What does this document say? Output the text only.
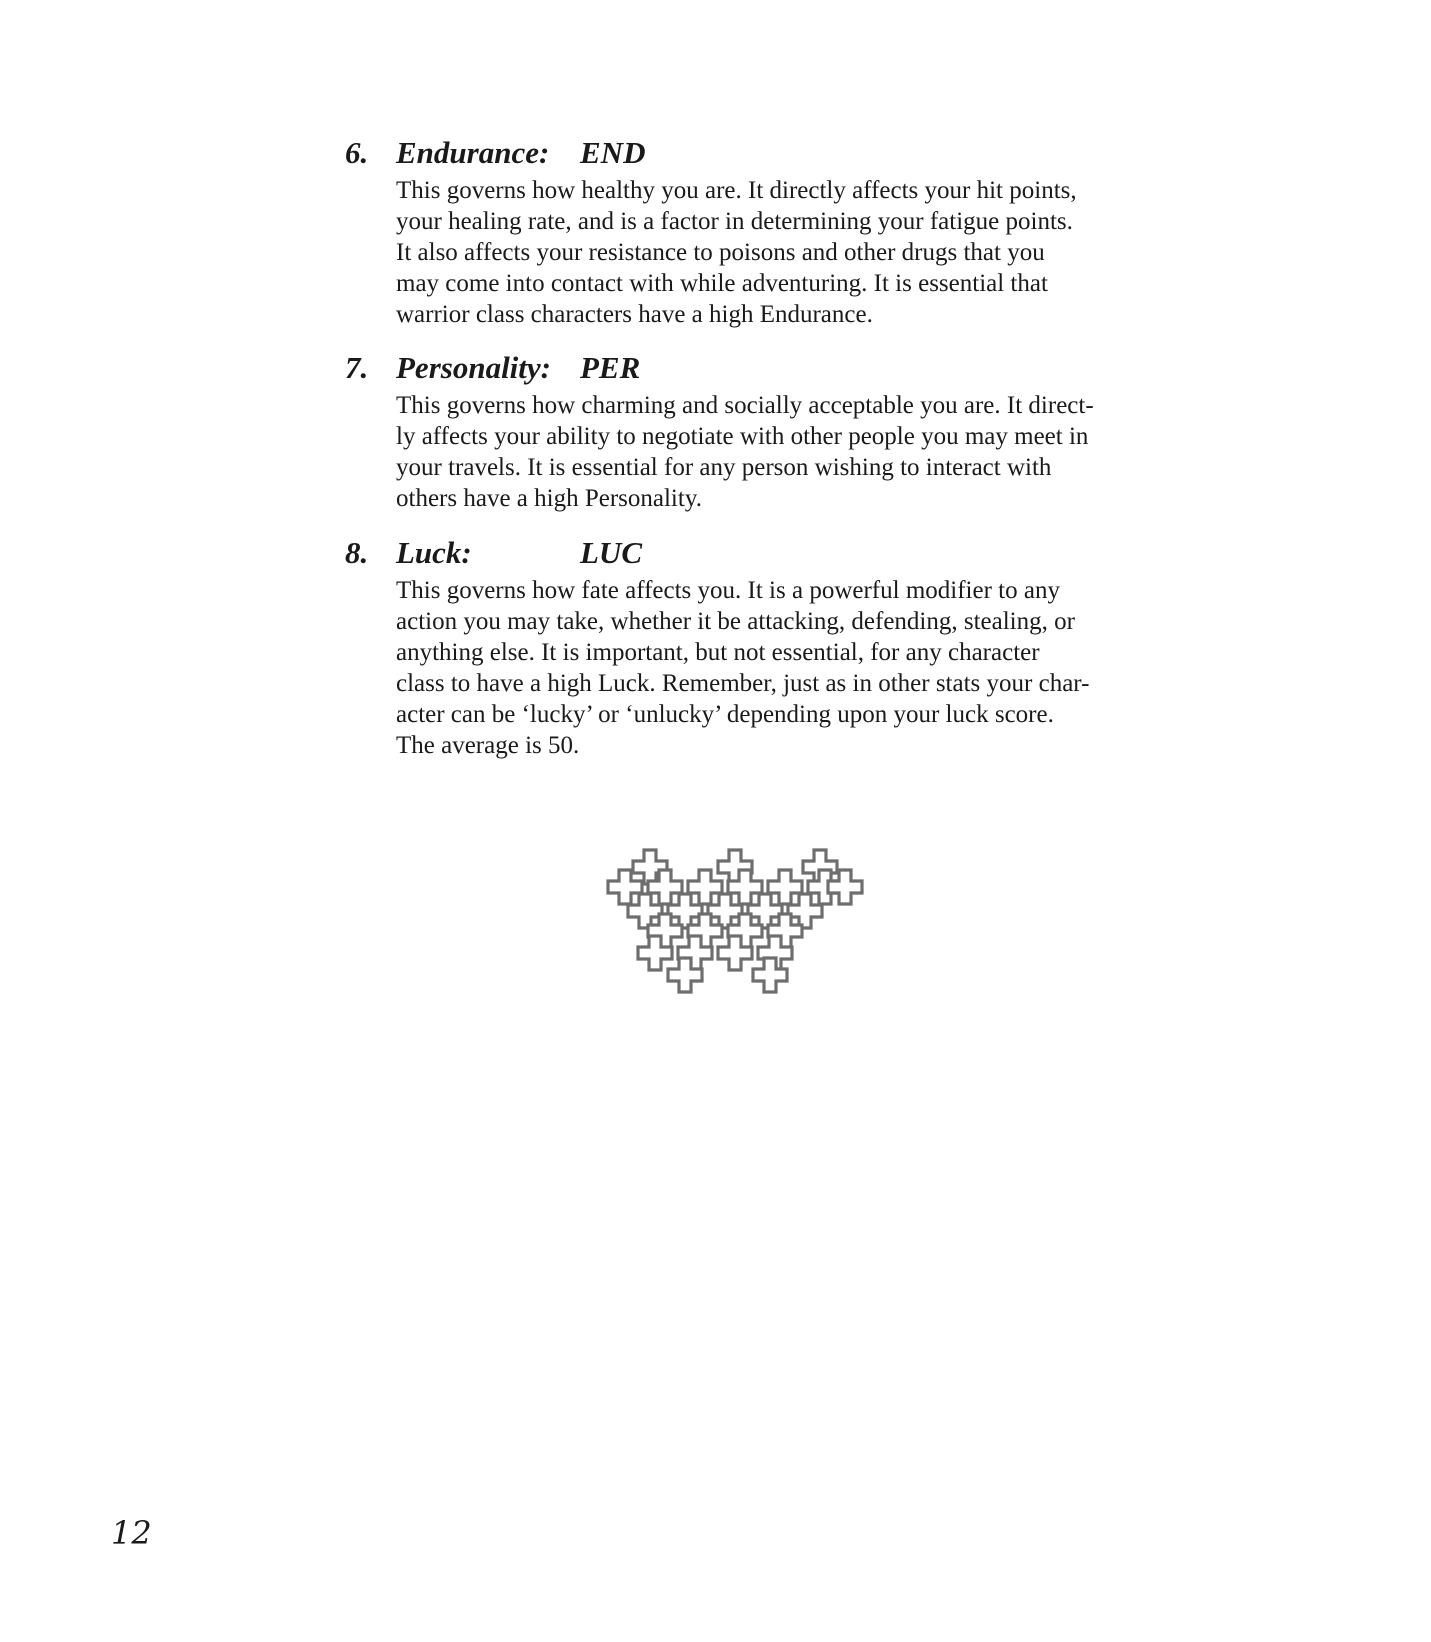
6. Endurance: END
This governs how healthy you are. It directly affects your hit points,
your healing rate, and is a factor in determining your fatigue points.
It also affects your resistance to poisons and other drugs that you
may come into contact with while adventuring. It is essential that
warrior class characters have a high Endurance.
7. Personality: PER
This governs how charming and socially acceptable you are. It direct-
ly affects your ability to negotiate with other people you may meet in
your travels. It is essential for any person wishing to interact with
others have a high Personality.
8. Luck:	LUC
This governs how fate affects you. It is a powerful modifier to any
action you may take, whether it be attacking, defending, stealing, or
anything else. It is important, but not essential, for any character
class to have a high Luck. Remember, just as in other stats your char-
acter can be ‘lucky’ or ‘unlucky’ depending upon your luck score.
The average is 50.
12
